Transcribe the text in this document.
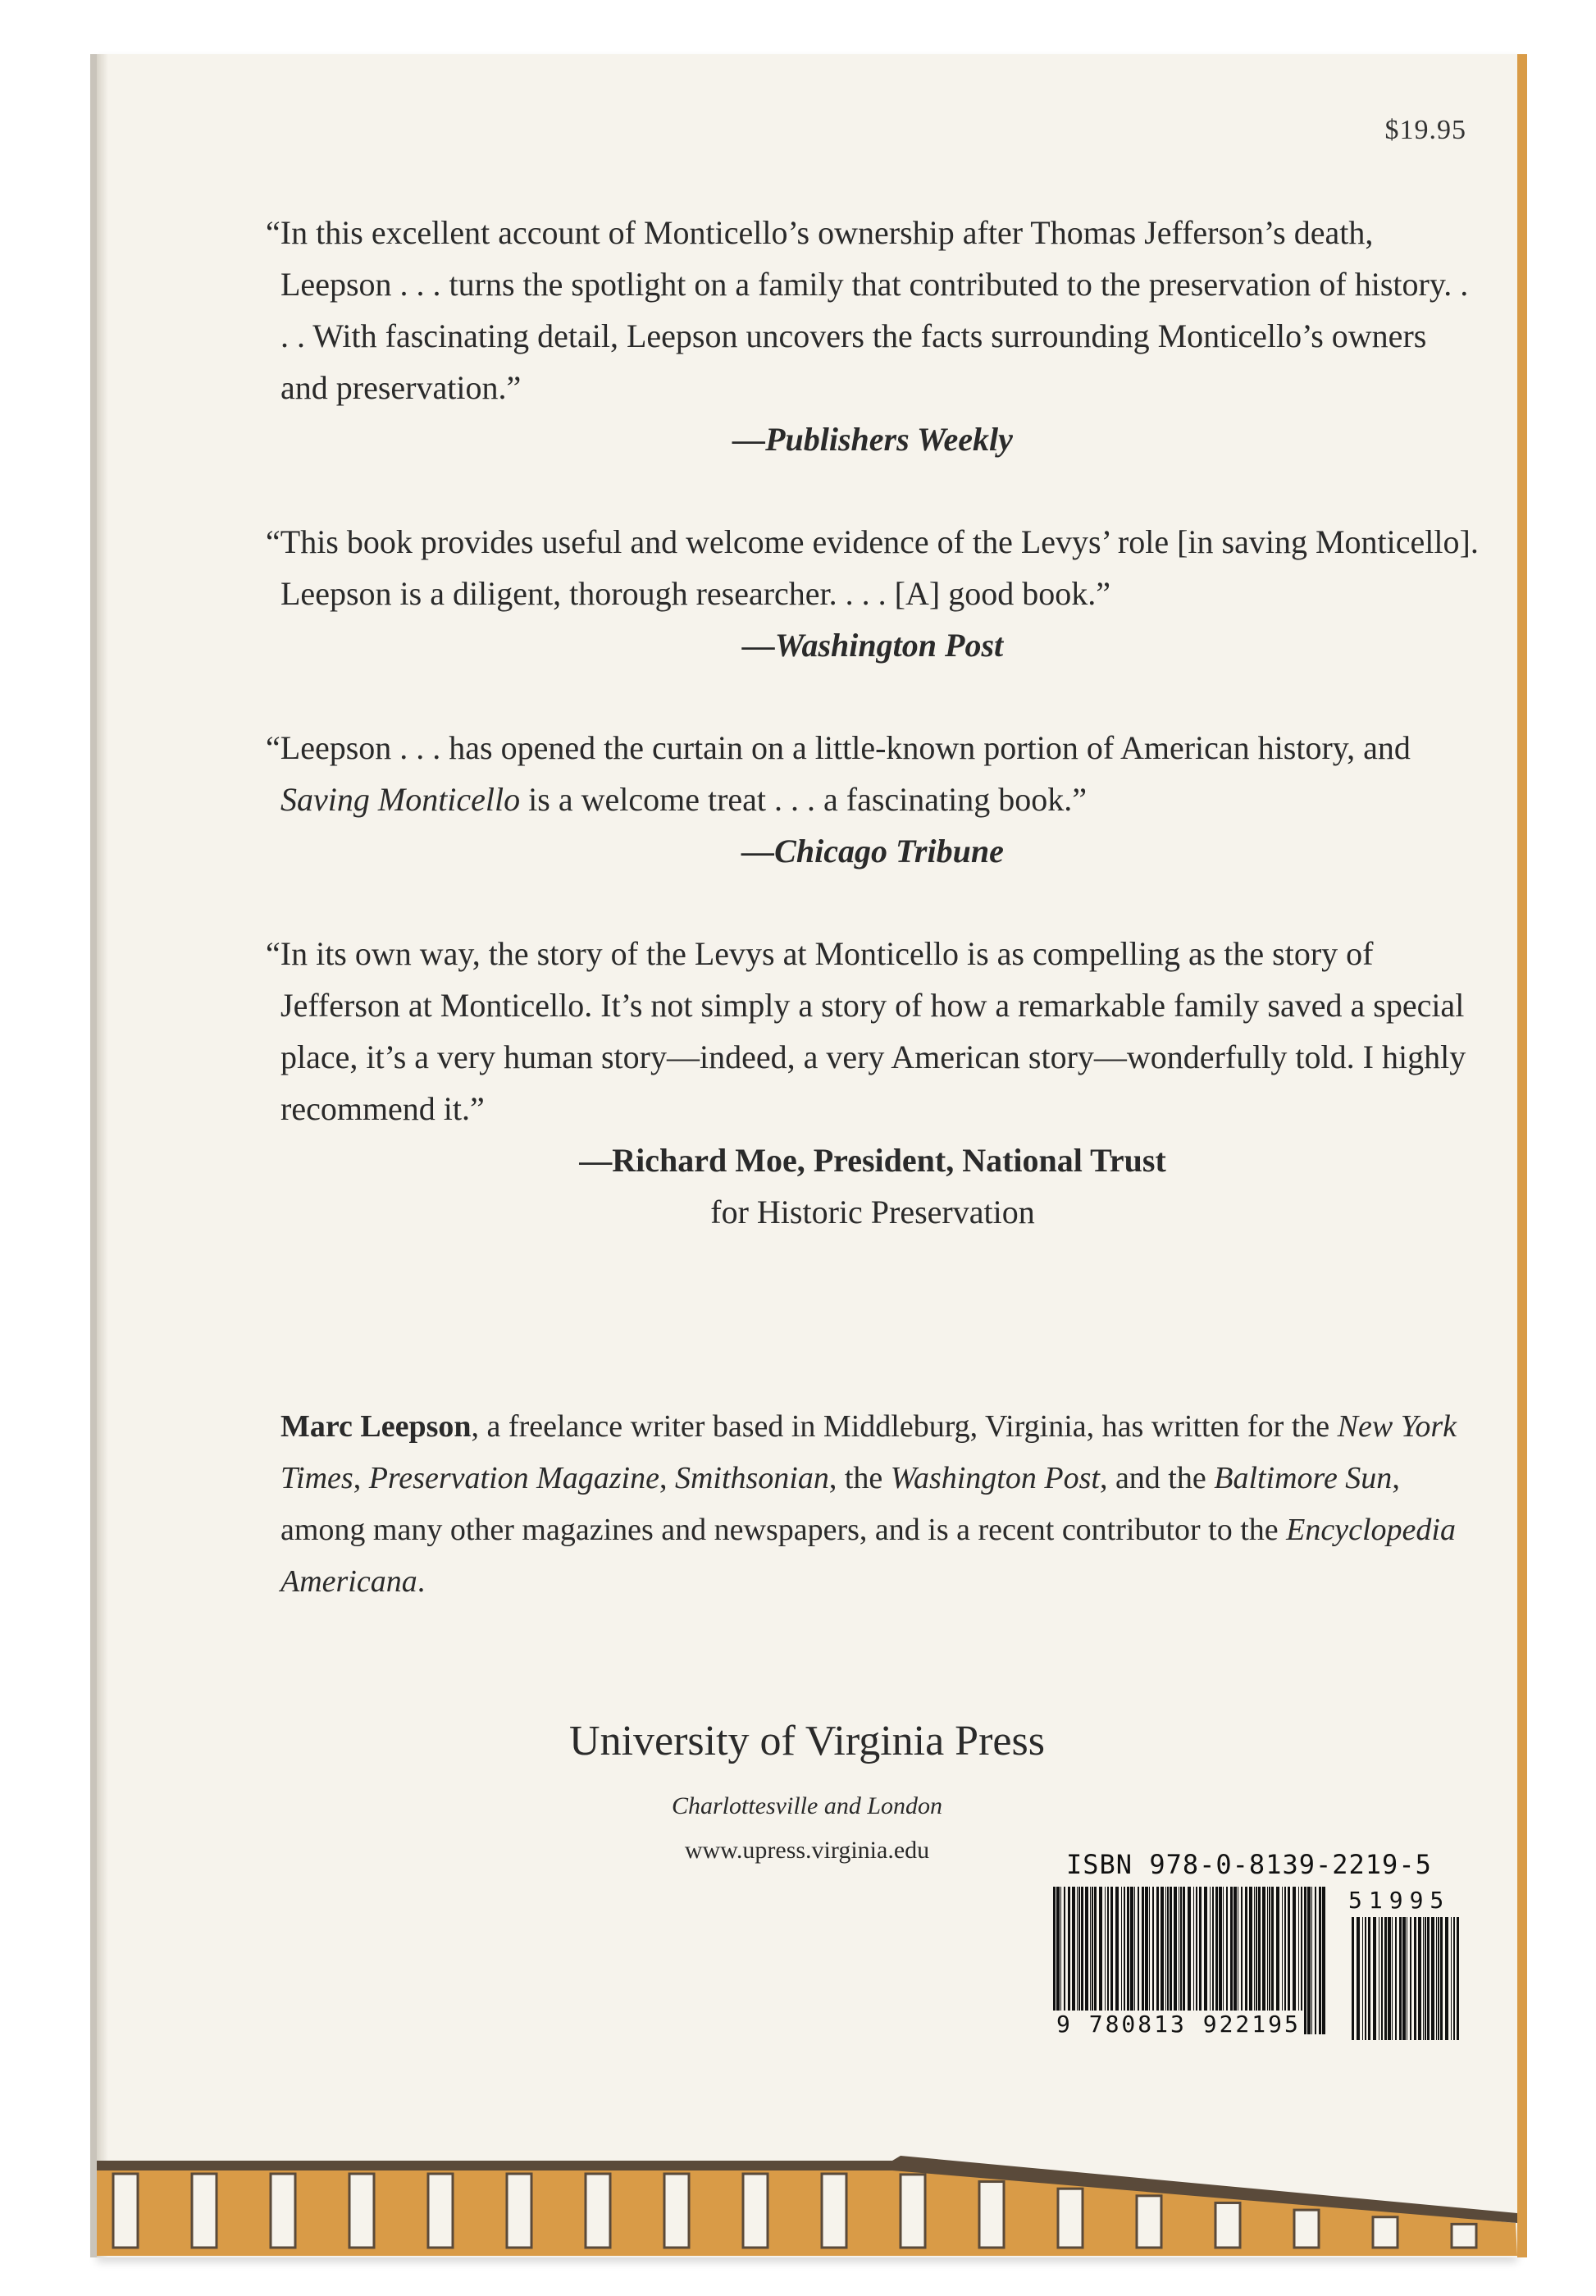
$19.95

“In this excellent account of Monticello’s ownership after Thomas Jefferson’s death, Leepson . . . turns the spotlight on a family that contributed to the preservation of history. . . . With fascinating detail, Leepson uncovers the facts surrounding Monticello’s owners and preservation.”

—Publishers Weekly

“This book provides useful and welcome evidence of the Levys’ role [in saving Monticello]. Leepson is a diligent, thorough researcher. . . . [A] good book.”

—Washington Post

“Leepson . . . has opened the curtain on a little-known portion of American history, and Saving Monticello is a welcome treat . . . a fascinating book.”

—Chicago Tribune

“In its own way, the story of the Levys at Monticello is as compelling as the story of Jefferson at Monticello. It’s not simply a story of how a remarkable family saved a special place, it’s a very human story—indeed, a very American story—wonderfully told. I highly recommend it.”

—Richard Moe, President, National Trust
for Historic Preservation
Marc Leepson, a freelance writer based in Middleburg, Virginia, has written for the New York Times, Preservation Magazine, Smithsonian, the Washington Post, and the Baltimore Sun, among many other magazines and newspapers, and is a recent contributor to the Encyclopedia Americana.
University of Virginia Press
Charlottesville and London
www.upress.virginia.edu	ISBN 978-0-8139-2219-5
9 780813 922195
51995
